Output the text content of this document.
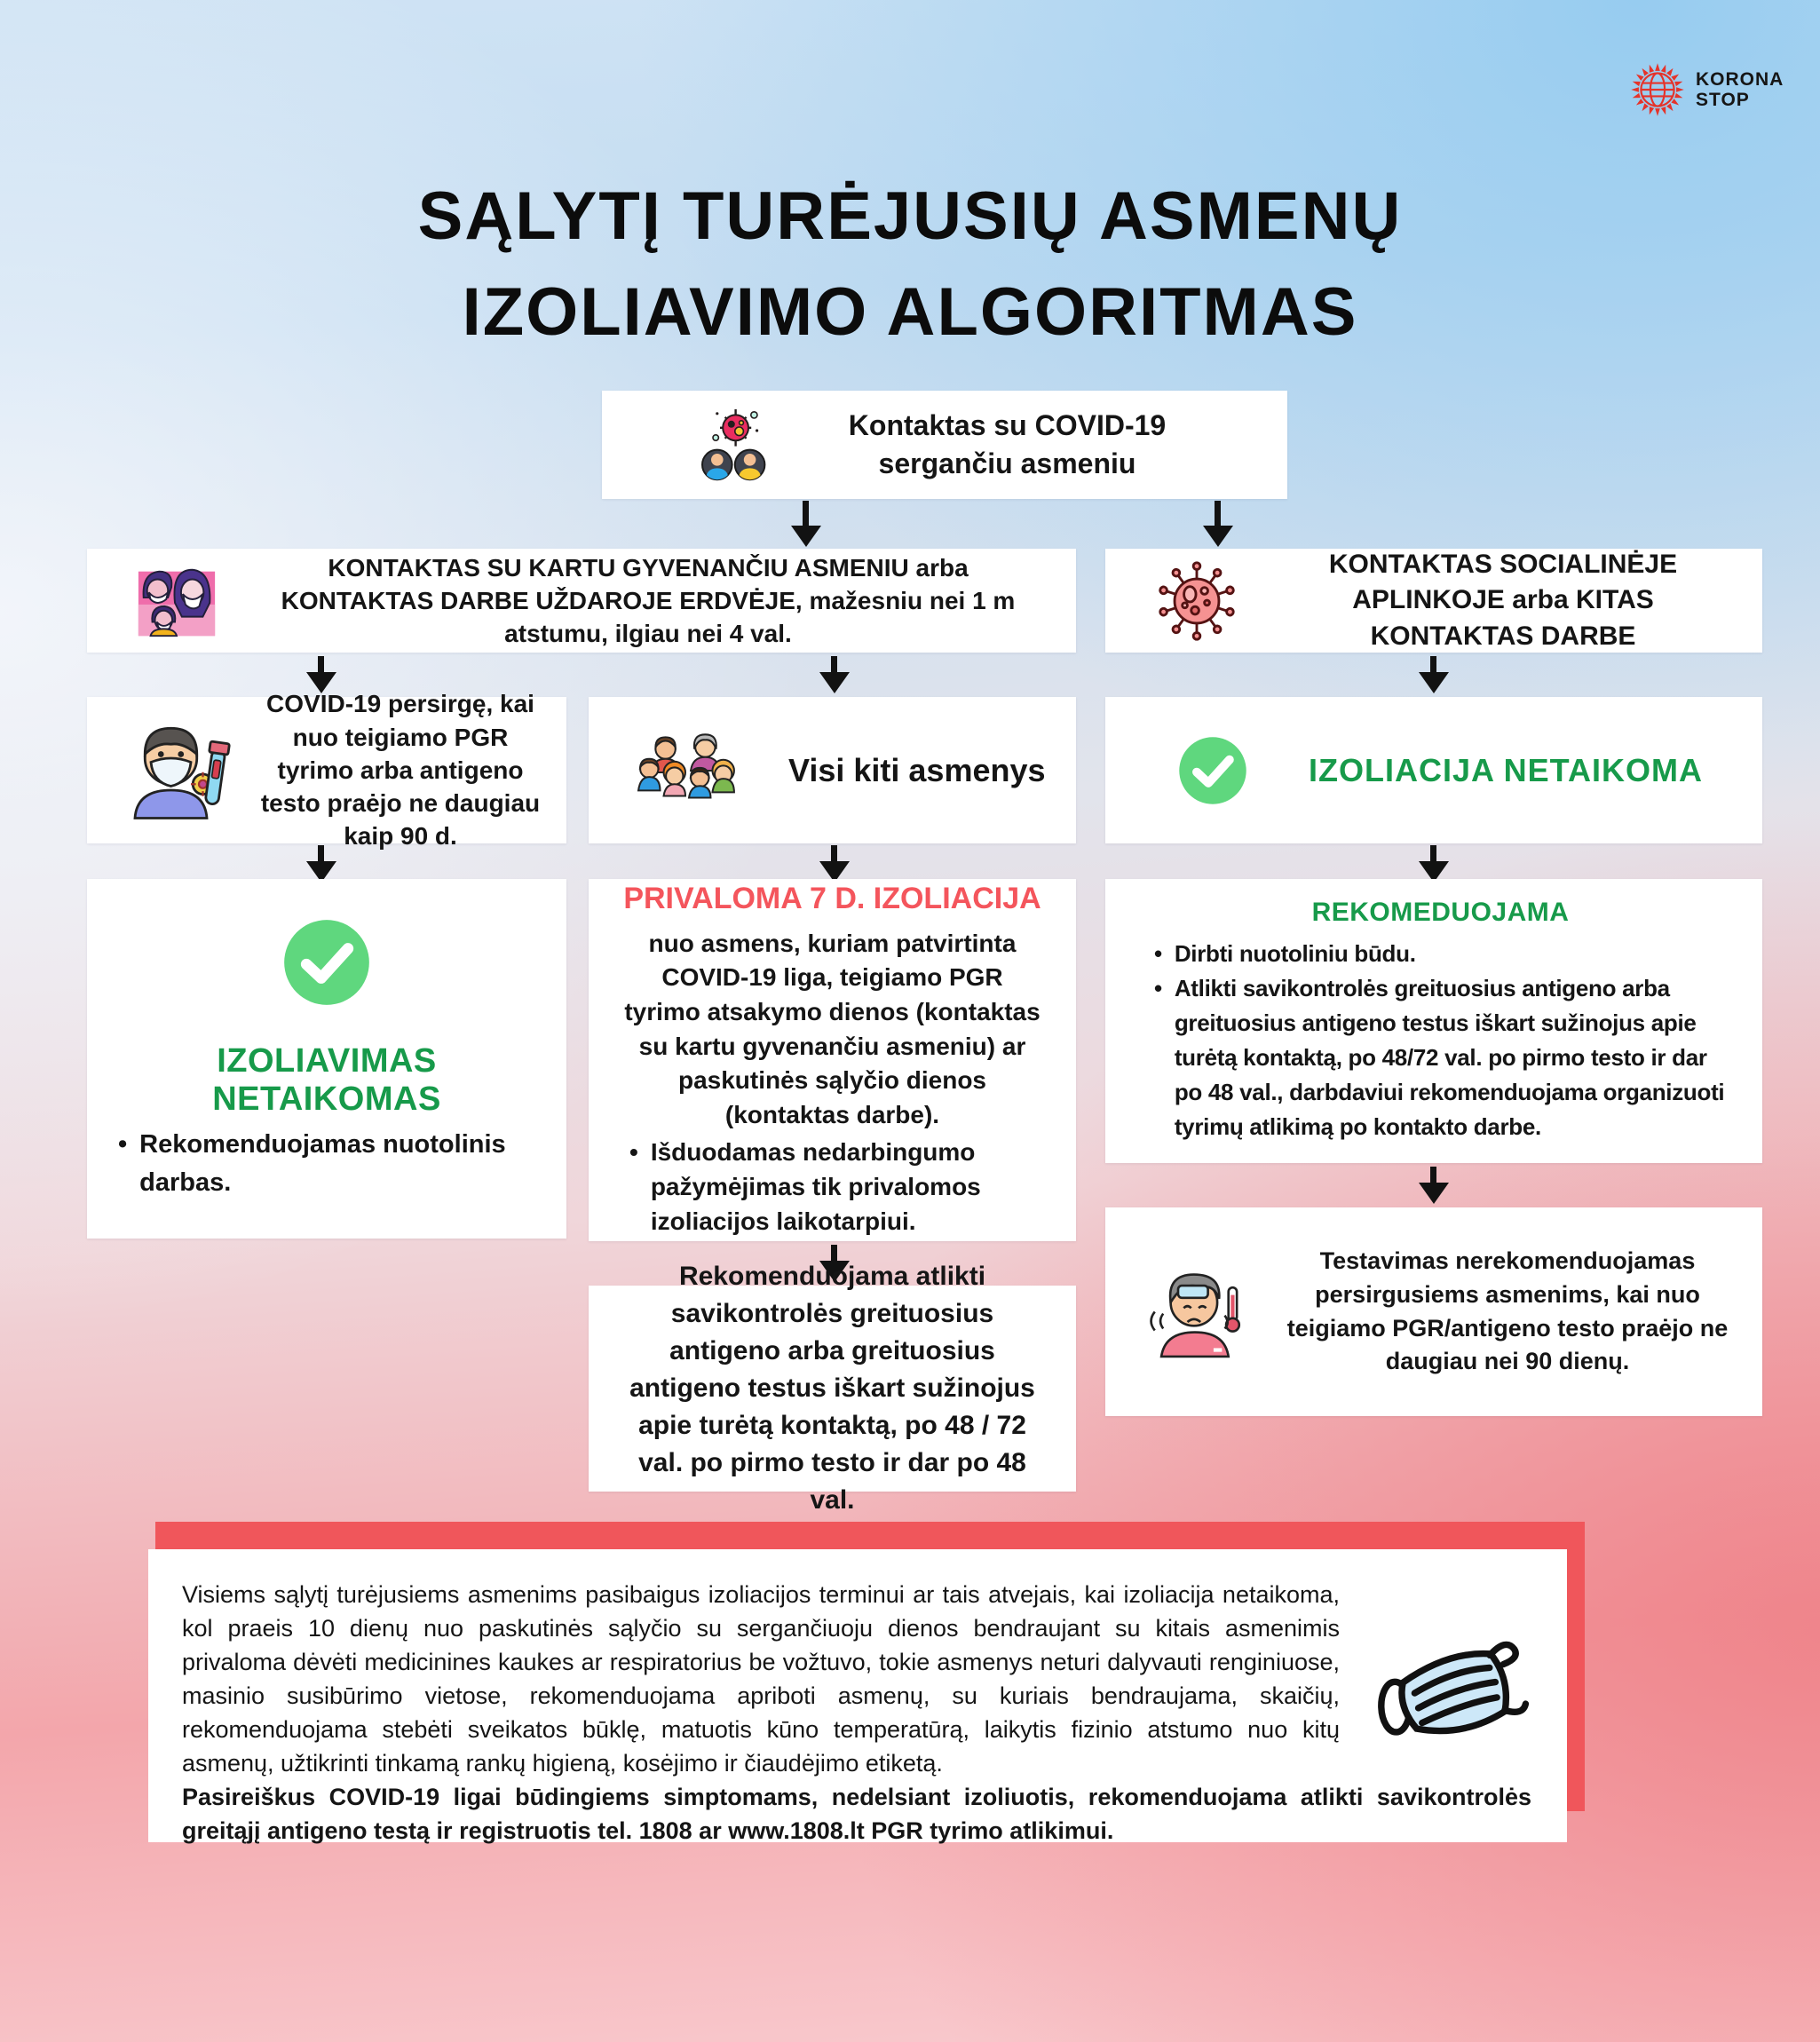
KORONA
STOP
SĄLYTĮ TURĖJUSIŲ ASMENŲ
IZOLIAVIMO ALGORITMAS
Kontaktas su COVID-19 sergančiu asmeniu
KONTAKTAS SU KARTU GYVENANČIU ASMENIU arba KONTAKTAS DARBE UŽDAROJE ERDVĖJE, mažesniu nei 1 m atstumu, ilgiau nei 4 val.
KONTAKTAS SOCIALINĖJE APLINKOJE arba KITAS KONTAKTAS DARBE
COVID-19 persirgę, kai nuo teigiamo PGR tyrimo arba antigeno testo praėjo ne daugiau kaip 90 d.
Visi kiti asmenys	IZOLIACIJA NETAIKOMA
IZOLIAVIMAS NETAIKOMAS
• Rekomenduojamas nuotolinis darbas.
PRIVALOMA 7 D. IZOLIACIJA
nuo asmens, kuriam patvirtinta COVID-19 liga, teigiamo PGR tyrimo atsakymo dienos (kontaktas su kartu gyvenančiu asmeniu) ar paskutinės sąlyčio dienos (kontaktas darbe).
• Išduodamas nedarbingumo pažymėjimas tik privalomos izoliacijos laikotarpiui.
REKOMEDUOJAMA
• Dirbti nuotoliniu būdu.
• Atlikti savikontrolės greituosius antigeno arba greituosius antigeno testus iškart sužinojus apie turėtą kontaktą, po 48/72 val. po pirmo testo ir dar po 48 val., darbdaviui rekomenduojama organizuoti tyrimų atlikimą po kontakto darbe.
Rekomenduojama atlikti savikontrolės greituosius antigeno arba greituosius antigeno testus iškart sužinojus apie turėtą kontaktą, po 48 / 72 val. po pirmo testo ir dar po 48 val.
Testavimas nerekomenduojamas persirgusiems asmenims, kai nuo teigiamo PGR/antigeno testo praėjo ne daugiau nei 90 dienų.
Visiems sąlytį turėjusiems asmenims pasibaigus izoliacijos terminui ar tais atvejais, kai izoliacija netaikoma, kol praeis 10 dienų nuo paskutinės sąlyčio su sergančiuoju dienos bendraujant su kitais asmenimis privaloma dėvėti medicinines kaukes ar respiratorius be vožtuvo, tokie asmenys neturi dalyvauti renginiuose, masinio susibūrimo vietose, rekomenduojama apriboti asmenų, su kuriais bendraujama, skaičių, rekomenduojama stebėti sveikatos būklę, matuotis kūno temperatūrą, laikytis fizinio atstumo nuo kitų asmenų, užtikrinti tinkamą rankų higieną, kosėjimo ir čiaudėjimo etiketą.
Pasireiškus COVID-19 ligai būdingiems simptomams, nedelsiant izoliuotis, rekomenduojama atlikti savikontrolės greitąjį antigeno testą ir registruotis tel. 1808 ar www.1808.lt PGR tyrimo atlikimui.
